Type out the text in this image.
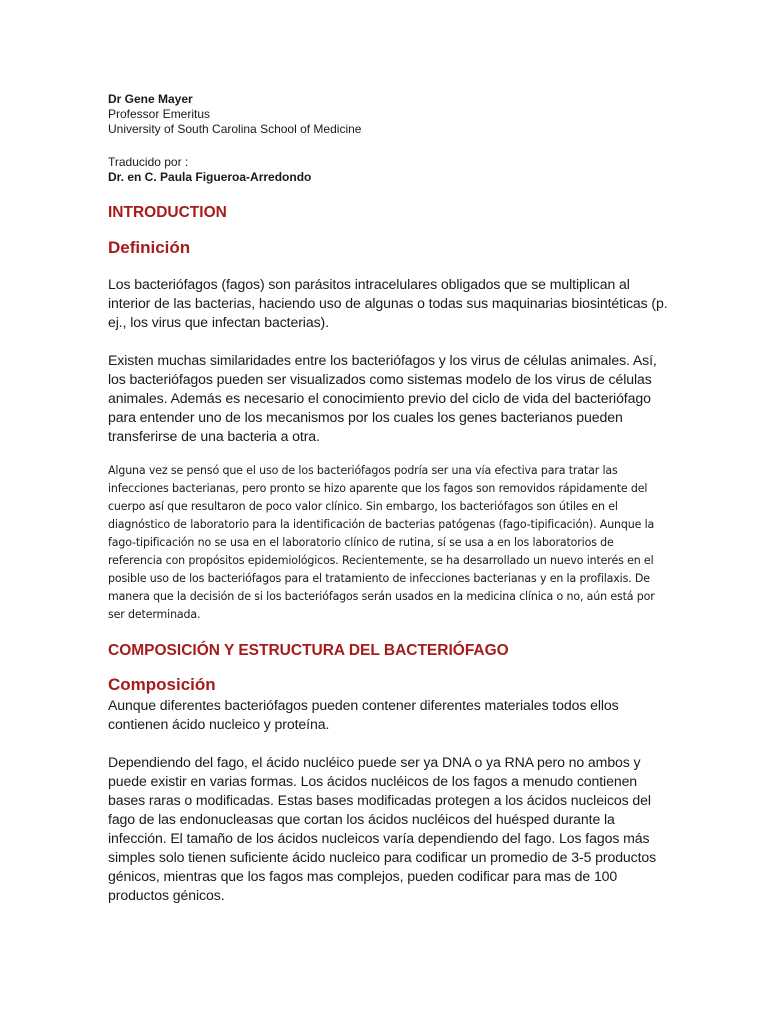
Dr Gene Mayer

Professor Emeritus

University of South Carolina School of Medicine

Traducido por :

Dr. en C. Paula Figueroa-Arredondo

INTRODUCTION
Definición

Los bacteriófagos (fagos) son parásitos intracelulares obligados que se multiplican al interior de las bacterias, haciendo uso de algunas o todas sus maquinarias biosintéticas (p. ej., los virus que infectan bacterias).

Existen muchas similaridades entre los bacteriófagos y los virus de células animales. Así, los bacteriófagos pueden ser visualizados como sistemas modelo de los virus de células animales. Además es necesario el conocimiento previo del ciclo de vida del bacteriófago para entender uno de los mecanismos por los cuales los genes bacterianos pueden transferirse de una bacteria a otra.

Alguna vez se pensó que el uso de los bacteriófagos podría ser una vía efectiva para tratar las infecciones bacterianas, pero pronto se hizo aparente que los fagos son removidos rápidamente del cuerpo así que resultaron de poco valor clínico. Sin embargo, los bacteriófagos son útiles en el diagnóstico de laboratorio para la identificación de bacterias patógenas (fago-tipificación). Aunque la fago-tipificación no se usa en el laboratorio clínico de rutina, sí se usa a en los laboratorios de referencia con propósitos epidemiológicos. Recientemente, se ha desarrollado un nuevo interés en el posible uso de los bacteriófagos para el tratamiento de infecciones bacterianas y en la profilaxis. De manera que la decisión de si los bacteriófagos serán usados en la medicina clínica o no, aún está por ser determinada.

COMPOSICIÓN Y ESTRUCTURA DEL BACTERIÓFAGO
Composición

Aunque diferentes bacteriófagos pueden contener diferentes materiales todos ellos contienen ácido nucleico y proteína.

Dependiendo del fago, el ácido nucléico puede ser ya DNA o ya RNA pero no ambos y puede existir en varias formas. Los ácidos nucléicos de los fagos a menudo contienen bases raras o modificadas. Estas bases modificadas protegen a los ácidos nucleicos del fago de las endonucleasas que cortan los ácidos nucléicos del huésped durante la infección. El tamaño de los ácidos nucleicos varía dependiendo del fago. Los fagos más simples solo tienen suficiente ácido nucleico para codificar un promedio de 3-5 productos génicos, mientras que los fagos mas complejos, pueden codificar para mas de 100 productos génicos.
